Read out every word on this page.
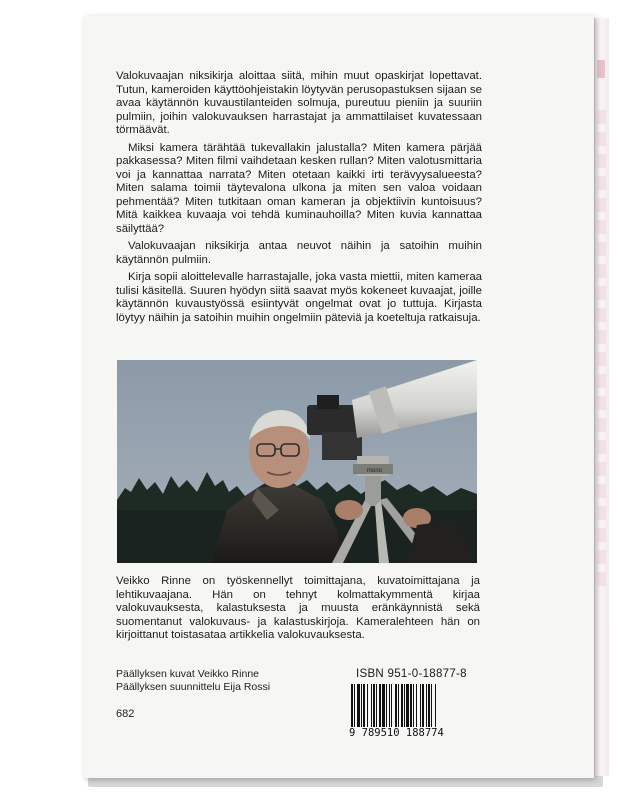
Valokuvaajan niksikirja aloittaa siitä, mihin muut opaskirjat lopettavat. Tutun, kameroiden käyttöohjeistakin löytyvän perusopastuksen sijaan se avaa käytännön kuvaustilanteiden solmuja, pureutuu pieniin ja suuriin pulmiin, joihin valokuvauksen harrastajat ja ammattilaiset kuvatessaan törmäävät.

Miksi kamera tärähtää tukevallakin jalustalla? Miten kamera pärjää pakkasessa? Miten filmi vaihdetaan kesken rullan? Miten valotusmittaria voi ja kannattaa narrata? Miten otetaan kaikki irti terävyysalueesta? Miten salama toimii täytevalona ulkona ja miten sen valoa voidaan pehmentää? Miten tutkitaan oman kameran ja objektiivin kuntoisuus? Mitä kaikkea kuvaaja voi tehdä kuminauhoilla? Miten kuvia kannattaa säilyttää?

Valokuvaajan niksikirja antaa neuvot näihin ja satoihin muihin käytännön pulmiin.

Kirja sopii aloittelevalle harrastajalle, joka vasta miettii, miten kameraa tulisi käsitellä. Suuren hyödyn siitä saavat myös kokeneet kuvaajat, joille käytännön kuvaustyössä esiintyvät ongelmat ovat jo tuttuja. Kirjasta löytyy näihin ja satoihin muihin ongelmiin päteviä ja koeteltuja ratkaisuja.

mono
Veikko Rinne on työskennellyt toimittajana, kuvatoimittajana ja lehtikuvaajana. Hän on tehnyt kolmattakymmentä kirjaa valokuvauksesta, kalastuksesta ja muusta eränkäynnistä sekä suomentanut valokuvaus- ja kalastuskirjoja. Kameralehteen hän on kirjoittanut toistasataa artikkelia valokuvauksesta.
Päällyksen kuvat Veikko Rinne
Päällyksen suunnittelu Eija Rossi
682
ISBN 951-0-18877-8
9 789510 188774
